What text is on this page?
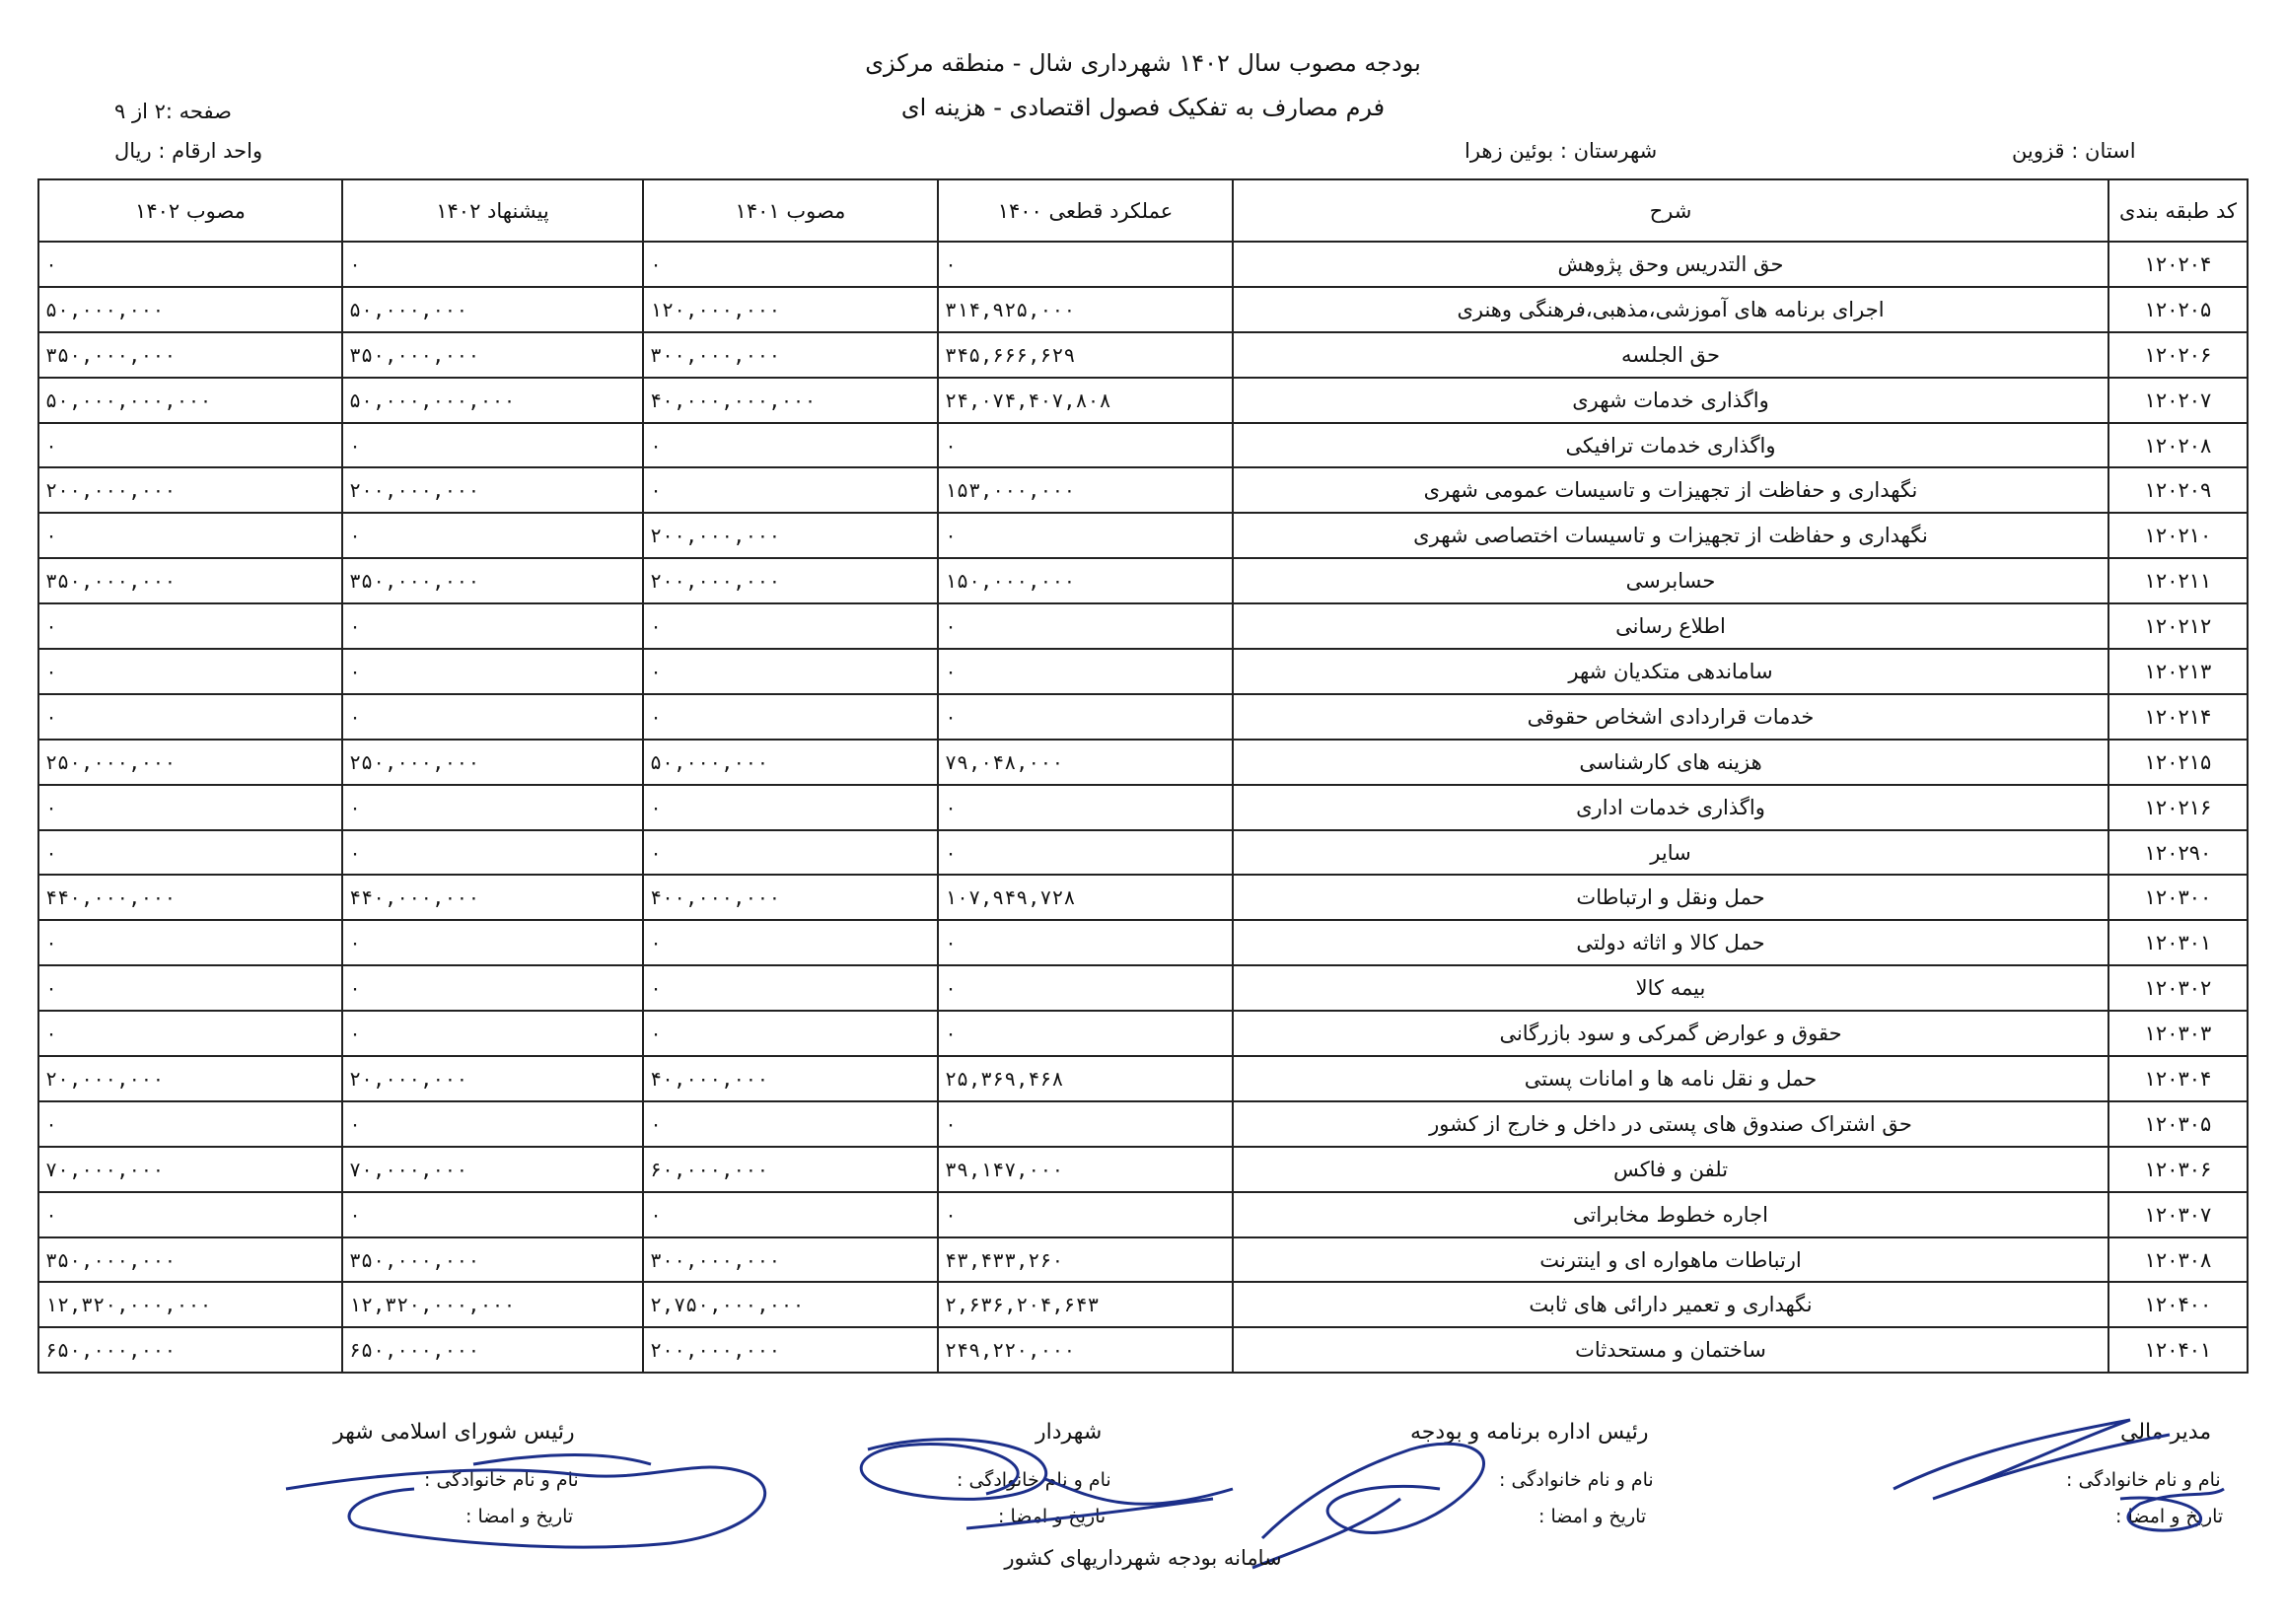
بودجه مصوب سال ۱۴۰۲ شهرداری شال - منطقه مرکزی
فرم مصارف به تفکیک فصول اقتصادی - هزینه ای
صفحه :۲ از ۹
واحد ارقام : ریال	استان : قزوین
شهرستان : بوئین زهرا
کد طبقه بندی	شرح	عملکرد قطعی ۱۴۰۰	مصوب ۱۴۰۱	پیشنهاد ۱۴۰۲	مصوب ۱۴۰۲
۱۲۰۲۰۴	حق التدریس وحق پژوهش	۰	۰	۰	۰
۱۲۰۲۰۵	اجرای برنامه های آموزشی،مذهبی،فرهنگی وهنری	۳۱۴,۹۲۵,۰۰۰	۱۲۰,۰۰۰,۰۰۰	۵۰,۰۰۰,۰۰۰	۵۰,۰۰۰,۰۰۰
۱۲۰۲۰۶	حق الجلسه	۳۴۵,۶۶۶,۶۲۹	۳۰۰,۰۰۰,۰۰۰	۳۵۰,۰۰۰,۰۰۰	۳۵۰,۰۰۰,۰۰۰
۱۲۰۲۰۷	واگذاری خدمات شهری	۲۴,۰۷۴,۴۰۷,۸۰۸	۴۰,۰۰۰,۰۰۰,۰۰۰	۵۰,۰۰۰,۰۰۰,۰۰۰	۵۰,۰۰۰,۰۰۰,۰۰۰
۱۲۰۲۰۸	واگذاری خدمات ترافیکی	۰	۰	۰	۰
۱۲۰۲۰۹	نگهداری و حفاظت از تجهیزات و تاسیسات عمومی شهری	۱۵۳,۰۰۰,۰۰۰	۰	۲۰۰,۰۰۰,۰۰۰	۲۰۰,۰۰۰,۰۰۰
۱۲۰۲۱۰	نگهداری و حفاظت از تجهیزات و تاسیسات اختصاصی شهری	۰	۲۰۰,۰۰۰,۰۰۰	۰	۰
۱۲۰۲۱۱	حسابرسی	۱۵۰,۰۰۰,۰۰۰	۲۰۰,۰۰۰,۰۰۰	۳۵۰,۰۰۰,۰۰۰	۳۵۰,۰۰۰,۰۰۰
۱۲۰۲۱۲	اطلاع رسانی	۰	۰	۰	۰
۱۲۰۲۱۳	ساماندهی متکدیان شهر	۰	۰	۰	۰
۱۲۰۲۱۴	خدمات قراردادی اشخاص حقوقی	۰	۰	۰	۰
۱۲۰۲۱۵	هزینه های کارشناسی	۷۹,۰۴۸,۰۰۰	۵۰,۰۰۰,۰۰۰	۲۵۰,۰۰۰,۰۰۰	۲۵۰,۰۰۰,۰۰۰
۱۲۰۲۱۶	واگذاری خدمات اداری	۰	۰	۰	۰
۱۲۰۲۹۰	سایر	۰	۰	۰	۰
۱۲۰۳۰۰	حمل ونقل و ارتباطات	۱۰۷,۹۴۹,۷۲۸	۴۰۰,۰۰۰,۰۰۰	۴۴۰,۰۰۰,۰۰۰	۴۴۰,۰۰۰,۰۰۰
۱۲۰۳۰۱	حمل کالا و اثاثه دولتی	۰	۰	۰	۰
۱۲۰۳۰۲	بیمه کالا	۰	۰	۰	۰
۱۲۰۳۰۳	حقوق و عوارض گمرکی و سود بازرگانی	۰	۰	۰	۰
۱۲۰۳۰۴	حمل و نقل نامه ها و امانات پستی	۲۵,۳۶۹,۴۶۸	۴۰,۰۰۰,۰۰۰	۲۰,۰۰۰,۰۰۰	۲۰,۰۰۰,۰۰۰
۱۲۰۳۰۵	حق اشتراک صندوق های پستی در داخل و خارج از کشور	۰	۰	۰	۰
۱۲۰۳۰۶	تلفن و فاکس	۳۹,۱۴۷,۰۰۰	۶۰,۰۰۰,۰۰۰	۷۰,۰۰۰,۰۰۰	۷۰,۰۰۰,۰۰۰
۱۲۰۳۰۷	اجاره خطوط مخابراتی	۰	۰	۰	۰
۱۲۰۳۰۸	ارتباطات ماهواره ای و اینترنت	۴۳,۴۳۳,۲۶۰	۳۰۰,۰۰۰,۰۰۰	۳۵۰,۰۰۰,۰۰۰	۳۵۰,۰۰۰,۰۰۰
۱۲۰۴۰۰	نگهداری و تعمیر دارائی های ثابت	۲,۶۳۶,۲۰۴,۶۴۳	۲,۷۵۰,۰۰۰,۰۰۰	۱۲,۳۲۰,۰۰۰,۰۰۰	۱۲,۳۲۰,۰۰۰,۰۰۰
۱۲۰۴۰۱	ساختمان و مستحدثات	۲۴۹,۲۲۰,۰۰۰	۲۰۰,۰۰۰,۰۰۰	۶۵۰,۰۰۰,۰۰۰	۶۵۰,۰۰۰,۰۰۰
مدیر مالی
نام و نام خانوادگی :
تاریخ و امضا :
رئیس اداره برنامه و بودجه
نام و نام خانوادگی :
تاریخ و امضا :
شهردار
نام و نام خانوادگی :
تاریخ و امضا :
رئیس شورای اسلامی شهر
نام و نام خانوادگی :
تاریخ و امضا :
سامانه بودجه شهرداریهای کشور
